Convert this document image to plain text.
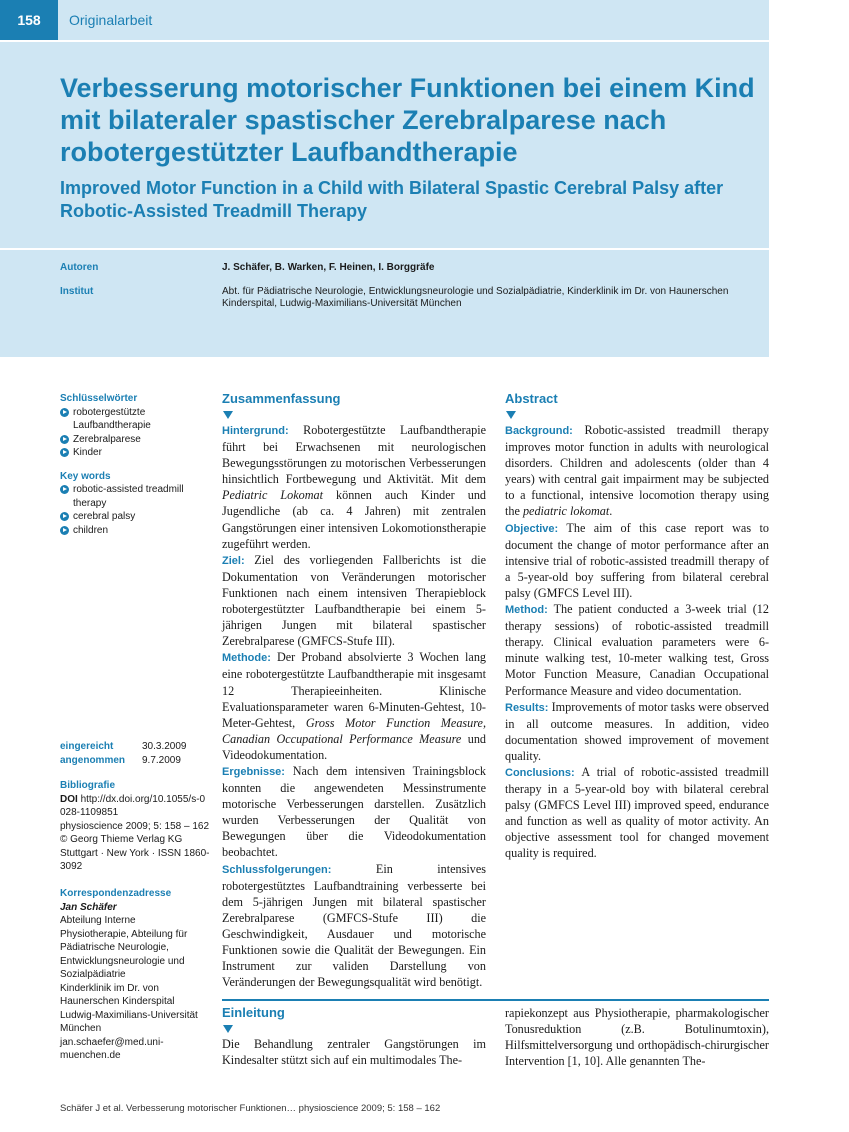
158	Originalarbeit
Verbesserung motorischer Funktionen bei einem Kind
mit bilateraler spastischer Zerebralparese nach
robotergestützter Laufbandtherapie
Improved Motor Function in a Child with Bilateral Spastic Cerebral Palsy after
Robotic-Assisted Treadmill Therapy
Autoren	J. Schäfer, B. Warken, F. Heinen, I. Borggräfe
Institut	Abt. für Pädiatrische Neurologie, Entwicklungsneurologie und Sozialpädiatrie, Kinderklinik im Dr. von Haunerschen Kinderspital, Ludwig-Maximilians-Universität München
Schlüsselwörter
robotergestützte Laufbandtherapie
Zerebralparese
Kinder
Key words
robotic-assisted treadmill therapy
cerebral palsy
children
eingereicht	30.3.2009
angenommen	9.7.2009
Bibliografie
DOI http://dx.doi.org/10.1055/s-0028-1109851
physioscience 2009; 5: 158 – 162 © Georg Thieme Verlag KG Stuttgart · New York · ISSN 1860-3092
Korrespondenzadresse
Jan Schäfer
Abteilung Interne
Physiotherapie, Abteilung für
Pädiatrische Neurologie,
Entwicklungsneurologie und
Sozialpädiatrie
Kinderklinik im Dr. von
Haunerschen Kinderspital
Ludwig-Maximilians-Universität
München
jan.schaefer@med.uni-
muenchen.de
Zusammenfassung

Hintergrund: Robotergestützte Laufbandtherapie führt bei Erwachsenen mit neurologischen Bewegungsstörungen zu motorischen Verbesserungen hinsichtlich Fortbewegung und Aktivität. Mit dem Pediatric Lokomat können auch Kinder und Jugendliche (ab ca. 4 Jahren) mit zentralen Gangstörungen einer intensiven Lokomotionstherapie zugeführt werden.

Ziel: Ziel des vorliegenden Fallberichts ist die Dokumentation von Veränderungen motorischer Funktionen nach einem intensiven Therapieblock robotergestützter Laufbandtherapie bei einem 5-jährigen Jungen mit bilateral spastischer Zerebralparese (GMFCS-Stufe III).

Methode: Der Proband absolvierte 3 Wochen lang eine robotergestützte Laufbandtherapie mit insgesamt 12 Therapieeinheiten. Klinische Evaluationsparameter waren 6-Minuten-Gehtest, 10-Meter-Gehtest, Gross Motor Function Measure, Canadian Occupational Performance Measure und Videodokumentation.

Ergebnisse: Nach dem intensiven Trainingsblock konnten die angewendeten Messinstrumente motorische Verbesserungen darstellen. Zusätzlich wurden Verbesserungen der Qualität von Bewegungen über die Videodokumentation beobachtet.

Schlussfolgerungen:	Ein intensives robotergestütztes Laufbandtraining verbesserte bei dem 5-jährigen Jungen mit bilateral spastischer Zerebralparese (GMFCS-Stufe III) die Geschwindigkeit, Ausdauer und motorische Funktionen sowie die Qualität der Bewegungen. Ein Instrument zur validen Darstellung von Veränderungen der Bewegungsqualität wird benötigt.

Abstract

Background: Robotic-assisted treadmill therapy improves motor function in adults with neurological disorders. Children and adolescents (older than 4 years) with central gait impairment may be subjected to a functional, intensive locomotion therapy using the pediatric lokomat.

Objective: The aim of this case report was to document the change of motor performance after an intensive trial of robotic-assisted treadmill therapy of a 5-year-old boy suffering from bilateral cerebral palsy (GMFCS Level III).

Method: The patient conducted a 3-week trial (12 therapy sessions) of robotic-assisted treadmill therapy. Clinical evaluation parameters were 6-minute walking test, 10-meter walking test, Gross Motor Function Measure, Canadian Occupational Performance Measure and video documentation.

Results: Improvements of motor tasks were observed in all outcome measures. In addition, video documentation showed improvement of movement quality.

Conclusions: A trial of robotic-assisted treadmill therapy in a 5-year-old boy with bilateral cerebral palsy (GMFCS Level III) improved speed, endurance and function as well as quality of motor activity. An objective assessment tool for changed movement quality is required.

Einleitung

Die Behandlung zentraler Gangstörungen im Kindesalter stützt sich auf ein multimodales The-

rapiekonzept aus Physiotherapie, pharmakologischer Tonusreduktion (z.B. Botulinumtoxin), Hilfsmittelversorgung und orthopädisch-chirurgischer Intervention [1, 10]. Alle genannten The-

Schäfer J et al. Verbesserung motorischer Funktionen… physioscience 2009; 5: 158 – 162
